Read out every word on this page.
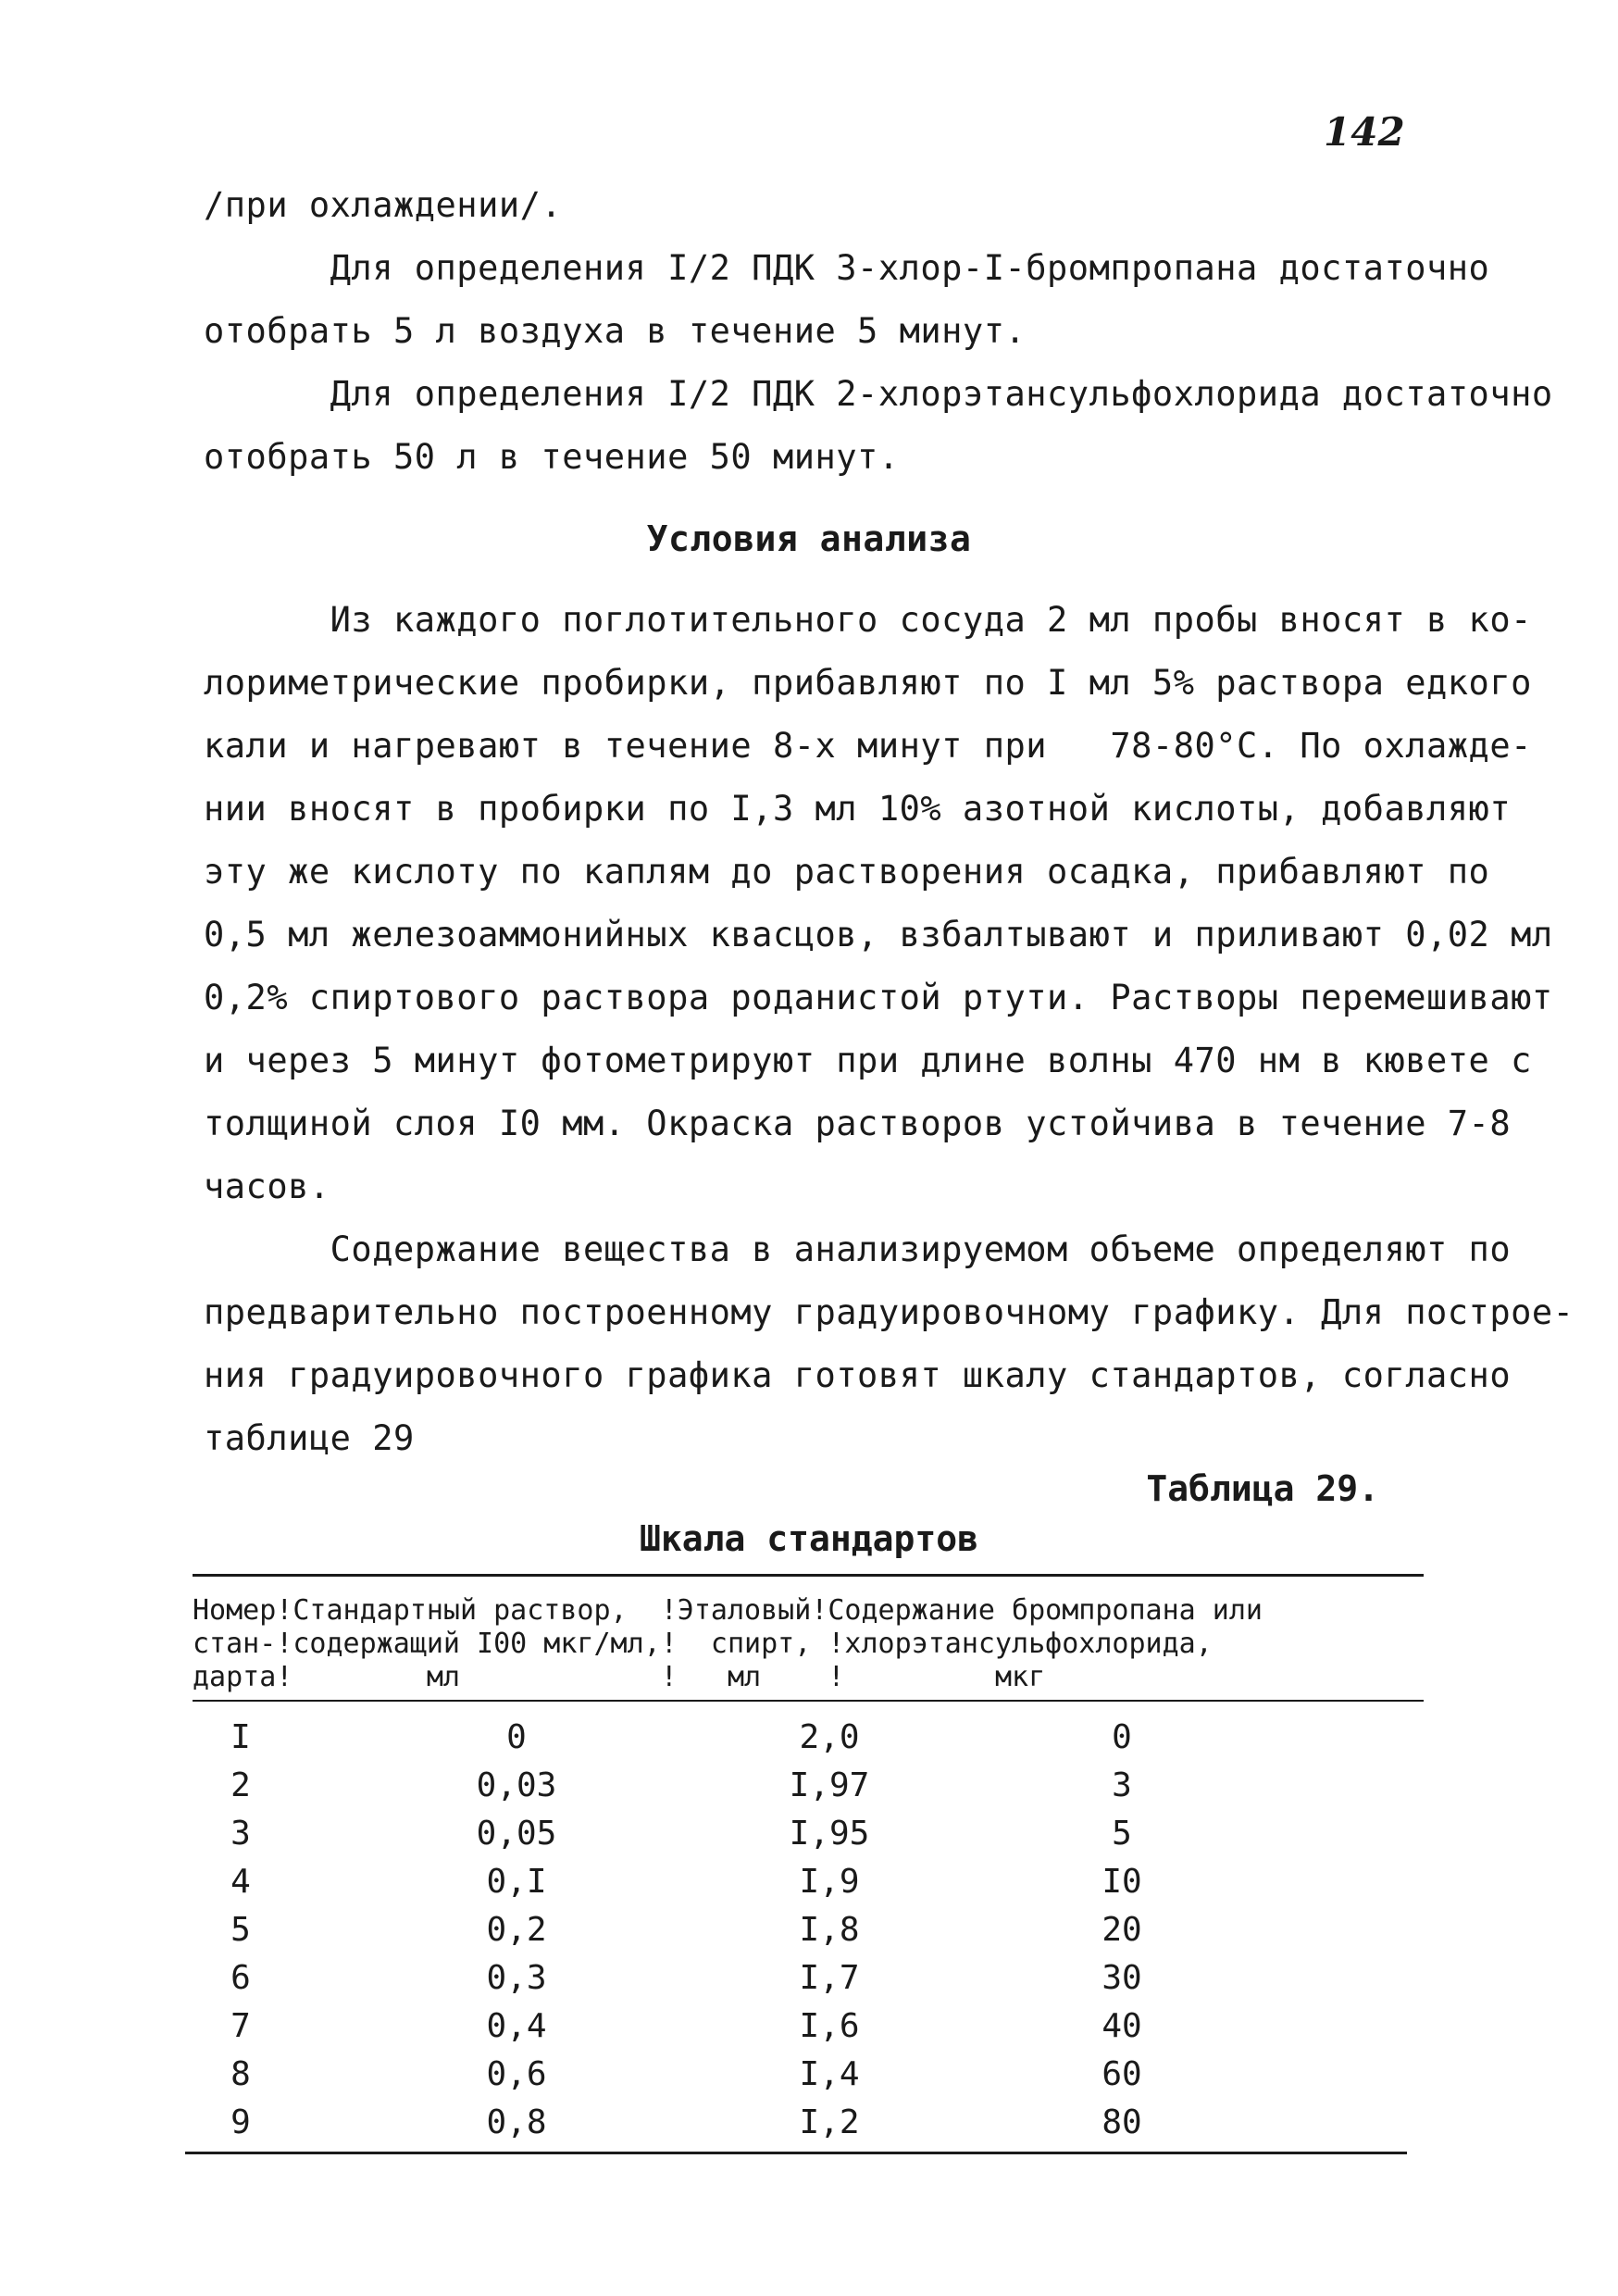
142
/при охлаждении/.
Для определения I/2 ПДК 3-хлор-I-бромпропана достаточно
отобрать 5 л воздуха в течение 5 минут.
Для определения I/2 ПДК 2-хлорэтансульфохлорида достаточно
отобрать 50 л в течение 50 минут.
Условия анализа
Из каждого поглотительного сосуда 2 мл пробы вносят в ко-
лориметрические пробирки, прибавляют по I мл 5% раствора едкого
кали и нагревают в течение 8-х минут при   78-80°С. По охлажде-
нии вносят в пробирки по I,3 мл 10% азотной кислоты, добавляют
эту же кислоту по каплям до растворения осадка, прибавляют по
0,5 мл железоаммонийных квасцов, взбалтывают и приливают 0,02 мл
0,2% спиртового раствора роданистой ртути. Растворы перемешивают
и через 5 минут фотометрируют при длине волны 470 нм в кювете с
толщиной слоя I0 мм. Окраска растворов устойчива в течение 7-8
часов.
Содержание вещества в анализируемом объеме определяют по
предварительно построенному градуировочному графику. Для построе-
ния градуировочного графика готовят шкалу стандартов, согласно
таблице 29
Таблица 29.
Шкала стандартов
Номер!Стандартный раствор,  !Эталовый!Содержание бромпропана или
стан-!содержащий I00 мкг/мл,!  спирт, !хлорэтансульфохлорида,
дарта!        мл            !   мл    !         мкг
I	0	2,0	0
2	0,03	I,97	3
3	0,05	I,95	5
4	0,I	I,9	I0
5	0,2	I,8	20
6	0,3	I,7	30
7	0,4	I,6	40
8	0,6	I,4	60
9	0,8	I,2	80
